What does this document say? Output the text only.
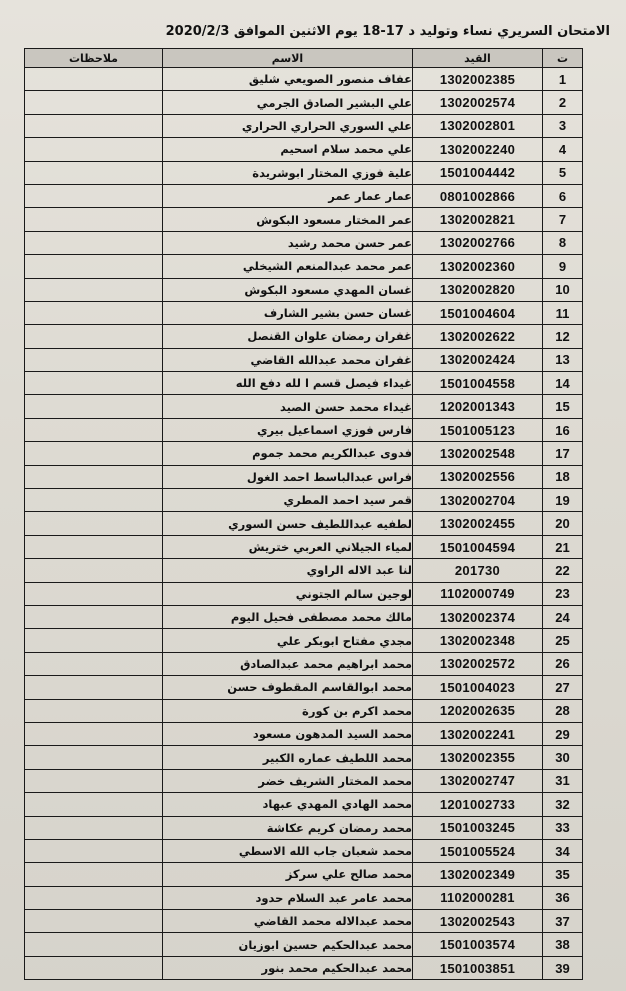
الامتحان السريري نساء وتوليد د 17-18 يوم الاثنين الموافق 2020/2/3
ت	القيد	الاسم	ملاحظات
1	1302002385	عفاف منصور الصويعي شليق	
2	1302002574	علي البشير الصادق الجرمي	
3	1302002801	علي السوري الحراري الحراري	
4	1302002240	علي محمد سلام اسحيم	
5	1501004442	علية فوزي المختار ابوشريدة	
6	0801002866	عمار عمار عمر	
7	1302002821	عمر المختار مسعود البكوش	
8	1302002766	عمر حسن محمد رشيد	
9	1302002360	عمر محمد عبدالمنعم الشيخلي	
10	1302002820	غسان المهدي مسعود البكوش	
11	1501004604	غسان حسن بشير الشارف	
12	1302002622	غفران رمضان علوان القنصل	
13	1302002424	غفران محمد عبدالله القاضي	
14	1501004558	غيداء فيصل قسم ا لله دفع الله	
15	1202001343	غيداء محمد حسن الصيد	
16	1501005123	فارس فوزي اسماعيل بيري	
17	1302002548	فدوى عبدالكريم محمد جموم	
18	1302002556	فراس عبدالباسط احمد الغول	
19	1302002704	قمر سيد احمد المطري	
20	1302002455	لطفيه عبداللطيف حسن السوري	
21	1501004594	لمياء الجيلاني العربي ختريش	
22	201730	لنا عبد الاله الراوي	
23	1102000749	لوجين سالم الجتوني	
24	1302002374	مالك محمد مصطفى فحيل اليوم	
25	1302002348	مجدي مفتاح ابوبكر علي	
26	1302002572	محمد ابراهيم محمد عبدالصادق	
27	1501004023	محمد ابوالقاسم المقطوف حسن	
28	1202002635	محمد اكرم بن كورة	
29	1302002241	محمد السيد المدهون مسعود	
30	1302002355	محمد اللطيف عماره الكبير	
31	1302002747	محمد المختار الشريف خضر	
32	1201002733	محمد الهادي المهدي عبهاد	
33	1501003245	محمد رمضان كريم عكاشة	
34	1501005524	محمد شعبان جاب الله الاسطي	
35	1302002349	محمد صالح علي سركز	
36	1102000281	محمد عامر عبد السلام حدود	
37	1302002543	محمد عبدالاله محمد القاضي	
38	1501003574	محمد عبدالحكيم حسين ابوزيان	
39	1501003851	محمد عبدالحكيم محمد بنور	
